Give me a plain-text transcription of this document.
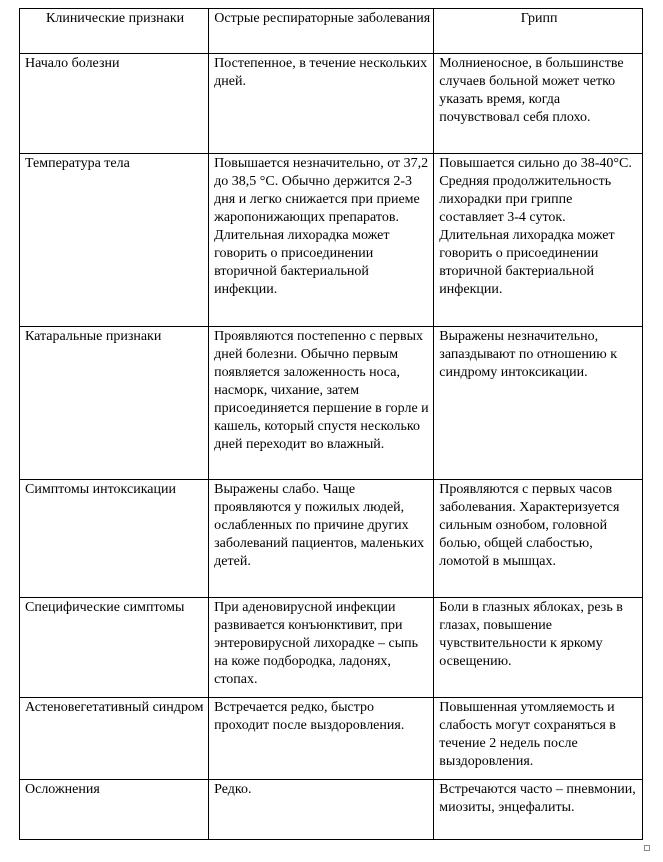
Клинические признаки	Острые респираторные заболевания	Грипп
Начало болезни	Постепенное, в течение нескольких дней.	Молниеносное, в большинстве случаев больной может четко указать время, когда почувствовал себя плохо.
Температура тела	Повышается незначительно, от 37,2 до 38,5 °С. Обычно держится 2-3 дня и легко снижается при приеме жаропонижающих препаратов. Длительная лихорадка может говорить о присоединении вторичной бактериальной инфекции.	Повышается сильно до 38-40°С. Средняя продолжительность лихорадки при гриппе составляет 3-4 суток. Длительная лихорадка может говорить о присоединении вторичной бактериальной инфекции.
Катаральные признаки	Проявляются постепенно с первых дней болезни. Обычно первым появляется заложенность носа, насморк, чихание, затем присоединяется першение в горле и кашель, который спустя несколько дней переходит во влажный.	Выражены незначительно, запаздывают по отношению к синдрому интоксикации.
Симптомы интоксикации	Выражены слабо. Чаще проявляются у пожилых людей, ослабленных по причине других заболеваний пациентов, маленьких детей.	Проявляются с первых часов заболевания. Характеризуется сильным ознобом, головной болью, общей слабостью, ломотой в мышцах.
Специфические симптомы	При аденовирусной инфекции развивается конъюнктивит, при энтеровирусной лихорадке – сыпь на коже подбородка, ладонях, стопах.	Боли в глазных яблоках, резь в глазах, повышение чувствительности к яркому освещению.
Астеновегетативный синдром	Встречается редко, быстро проходит после выздоровления.	Повышенная утомляемость и слабость могут сохраняться в течение 2 недель после выздоровления.
Осложнения	Редко.	Встречаются часто – пневмонии, миозиты, энцефалиты.
